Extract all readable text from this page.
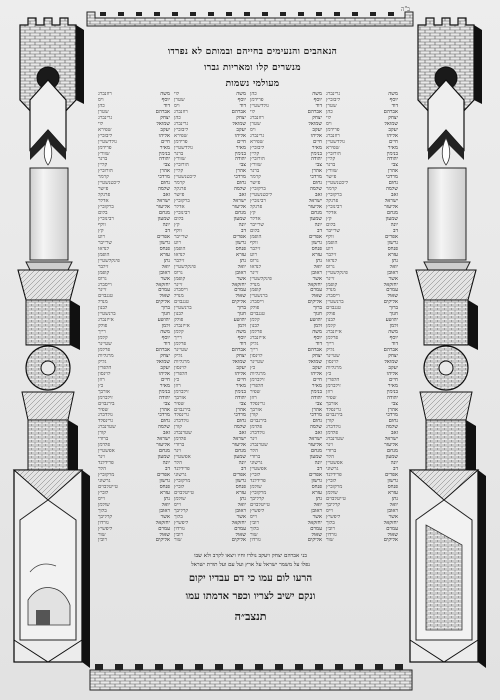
ב"ה
הנאהבים והנעימים בחייהם ובמותם לא נפרדו
מנשרים קלו ומאריות גברו
מעולמי נשמות
משה
גרינברג
יוסף
ליבוביץ
דוד
שטרן
אברהם
כהן
יצחק
לוי
שמואל
ויס
יעקב
פרידמן
אליהו
רוזנברג
חיים
גולדשטיין
מאיר
שפירא
בנימין
הורוביץ
יהודה
קליין
צבי
ברגר
אהרן
שוורץ
מרדכי
פישר
נחום
ליכטנשטיין
שלמה
קרמר
זאב
ברקוביץ
ישראל
פרנקל
אליעזר
רבינוביץ
מנחם
אדלר
שמעון
קץ
יונה
בלום
דב
שרייבר
אפרים
וולף
גרשון
הופמן
פנחס
רוט
עזרא
זילבר
נתן
לנדאו
יואל
גרוס
ראובן
פינקלשטיין
אשר
זייגר
יחזקאל
קופמן
עמרם
מנדל
שאול
וייסברג
אליקים
ברנשטיין
ברוך
טננבוים
חנוך
פולק
יהושע
לבנון
זלמן
קלמן
משה
אייזנברג
יוסף
פרלמן
דוד
רייך
אברהם
גליק
יצחק
שטיינר
שמואל
לוינסון
יעקב
מרגליות
אליהו
כץ
חיים
הלפרין
מאיר
זילברמן
בנימין
רוזן
יהודה
שפיר
צבי
אורבך
אהרן
גרינפלד
מרדכי
בירנבוים
נחום
קורן
שלמה
גולדברג
זאב
פלדמן
ישראל
שטרנברג
אליעזר
וינר
מנחם
ברודי
שמעון
הלר
יונה
אפשטיין
דב
גרשוני
אפרים
פרידלנד
גרשון
לוביץ
פנחס
מרקוביץ
עזרא
שולמן
נתן
טייטלבוים
יואל
קרליבך
ראובן
וייס
אשר
ליפשיץ
יחזקאל
בלוך
עמרם
רובין
שאול
גורדון
אליקים
שור
משה
כהן
יוסף
פרידמן
דוד
גולדשטיין
אברהם
לוי
יצחק
רוזנברג
שמואל
שטרן
יעקב
ויס
אליהו
גרינברג
חיים
שפירא
מאיר
ליבוביץ
בנימין
קליין
יהודה
הורוביץ
צבי
שוורץ
אהרן
ברגר
מרדכי
קרמר
נחום
פישר
שלמה
ברקוביץ
זאב
ליכטנשטיין
ישראל
רבינוביץ
אליעזר
פרנקל
מנחם
קץ
שמעון
אדלר
יונה
שרייבר
דב
בלום
אפרים
הופמן
גרשון
וולף
פנחס
זילבר
עזרא
רוט
נתן
גרוס
יואל
לנדאו
ראובן
זייגר
אשר
פינקלשטיין
יחזקאל
מנדל
עמרם
קופמן
שאול
ברנשטיין
אליקים
וייסברג
ברוך
פולק
חנוך
טננבוים
יהושע
קלמן
זלמן
לבנון
משה
פרלמן
יוסף
אייזנברג
דוד
גליק
אברהם
רייך
יצחק
לוינסון
שמואל
שטיינר
יעקב
כץ
אליהו
מרגליות
חיים
זילברמן
מאיר
הלפרין
בנימין
שפיר
יהודה
רוזן
צבי
גרינפלד
אהרן
אורבך
מרדכי
קורן
נחום
בירנבוים
שלמה
פלדמן
זאב
גולדברג
ישראל
וינר
אליעזר
שטרנברג
מנחם
הלר
שמעון
ברודי
יונה
גרשוני
דב
אפשטיין
אפרים
לוביץ
גרשון
פרידלנד
פנחס
שולמן
עזרא
מרקוביץ
נתן
קרליבך
יואל
טייטלבוים
ראובן
ליפשיץ
אשר
וייס
יחזקאל
רובין
עמרם
בלוך
שאול
שור
אליקים
גורדון
משה
לוי
יוסף
שטרן
דוד
ויס
אברהם
רוזנברג
יצחק
כהן
שמואל
גרינברג
יעקב
ליבוביץ
אליהו
שפירא
חיים
פרידמן
מאיר
גולדשטיין
בנימין
ברגר
יהודה
שוורץ
צבי
הורוביץ
אהרן
קליין
מרדכי
ליכטנשטיין
נחום
קרמר
שלמה
פרנקל
זאב
פישר
ישראל
ברקוביץ
אליעזר
אדלר
מנחם
רבינוביץ
שמעון
בלום
יונה
קץ
דב
וולף
אפרים
שרייבר
גרשון
רוט
פנחס
הופמן
עזרא
לנדאו
נתן
זילבר
יואל
פינקלשטיין
ראובן
גרוס
אשר
קופמן
יחזקאל
זייגר
עמרם
וייסברג
שאול
מנדל
אליקים
טננבוים
ברוך
ברנשטיין
חנוך
לבנון
יהושע
פולק
זלמן
אייזנברג
משה
קלמן
יוסף
רייך
דוד
פרלמן
אברהם
שטיינר
יצחק
גליק
שמואל
מרגליות
יעקב
לוינסון
אליהו
הלפרין
חיים
כץ
מאיר
רוזן
בנימין
זילברמן
יהודה
אורבך
צבי
שפיר
אהרן
בירנבוים
מרדכי
גרינפלד
נחום
גולדברג
שלמה
קורן
זאב
שטרנברג
ישראל
פלדמן
אליעזר
ברודי
מנחם
וינר
שמעון
אפשטיין
יונה
הלר
דב
פרידלנד
אפרים
גרשוני
גרשון
מרקוביץ
פנחס
לוביץ
עזרא
טייטלבוים
נתן
שולמן
יואל
וייס
ראובן
קרליבך
אשר
בלוך
יחזקאל
ליפשיץ
עמרם
גורדון
שאול
רובין
אליקים
שור
משה
רוזנברג
יוסף
ויס
דוד
כהן
אברהם
שטרן
יצחק
גרינברג
שמואל
לוי
יעקב
שפירא
אליהו
ליבוביץ
חיים
גולדשטיין
מאיר
פרידמן
בנימין
שוורץ
יהודה
ברגר
צבי
קליין
אהרן
הורוביץ
מרדכי
קרמר
נחום
ליכטנשטיין
שלמה
פישר
זאב
פרנקל
ישראל
אדלר
אליעזר
ברקוביץ
מנחם
בלום
שמעון
רבינוביץ
יונה
וולף
דב
קץ
אפרים
רוט
גרשון
שרייבר
פנחס
לנדאו
עזרא
הופמן
נתן
פינקלשטיין
יואל
זילבר
ראובן
קופמן
אשר
גרוס
יחזקאל
וייסברג
עמרם
זייגר
שאול
טננבוים
אליקים
מנדל
ברוך
לבנון
חנוך
ברנשטיין
יהושע
אייזנברג
זלמן
פולק
משה
רייך
יוסף
קלמן
דוד
שטיינר
אברהם
פרלמן
יצחק
מרגליות
שמואל
גליק
יעקב
הלפרין
אליהו
לוינסון
חיים
רוזן
מאיר
כץ
בנימין
אורבך
יהודה
זילברמן
צבי
בירנבוים
אהרן
שפיר
מרדכי
גולדברג
נחום
גרינפלד
שלמה
שטרנברג
זאב
קורן
ישראל
ברודי
אליעזר
פלדמן
מנחם
אפשטיין
שמעון
וינר
יונה
פרידלנד
דב
הלר
אפרים
מרקוביץ
גרשון
גרשוני
פנחס
טייטלבוים
עזרא
לוביץ
נתן
וייס
יואל
שולמן
ראובן
בלוך
אשר
קרליבך
יחזקאל
גורדון
עמרם
ליפשיץ
שאול
שור
אליקים
רובין
בני אברהם יצחק ויעקב נולדו וחיו ויצאו לקרב ולא שבו
נפלו על משמר ישראל על ארץ ועל עם ועל תורת ישראל
הרעו לום עמו כי דם עבדיו יקום
ונקם ישיב לצריו וכפר אדמתו עמו
תנצב״ה
